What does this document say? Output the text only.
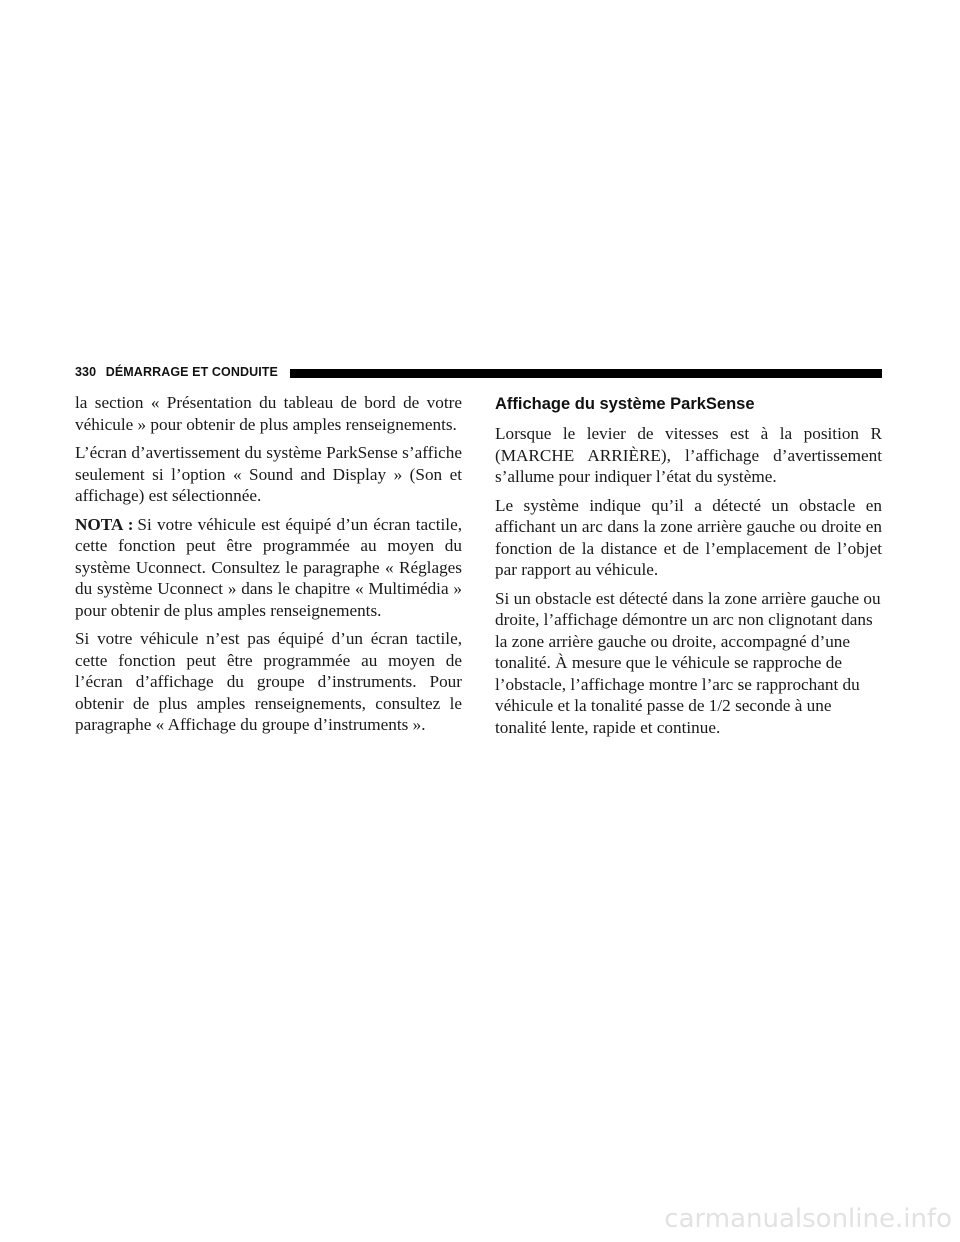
330 DÉMARRAGE ET CONDUITE

la section « Présentation du tableau de bord de votre véhicule » pour obtenir de plus amples renseignements.

L’écran d’avertissement du système ParkSense s’affiche seulement si l’option « Sound and Display » (Son et affichage) est sélectionnée.

NOTA : Si votre véhicule est équipé d’un écran tactile, cette fonction peut être programmée au moyen du système Uconnect. Consultez le paragraphe « Réglages du système Uconnect » dans le chapitre « Multimédia » pour obtenir de plus amples renseignements.

Si votre véhicule n’est pas équipé d’un écran tactile, cette fonction peut être programmée au moyen de l’écran d’affichage du groupe d’instruments. Pour obtenir de plus amples renseignements, consultez le paragraphe « Affichage du groupe d’instruments ».

Affichage du système ParkSense

Lorsque le levier de vitesses est à la position R (MARCHE ARRIÈRE), l’affichage d’avertissement s’allume pour indiquer l’état du système.

Le système indique qu’il a détecté un obstacle en affichant un arc dans la zone arrière gauche ou droite en fonction de la distance et de l’emplacement de l’objet par rapport au véhicule.

Si un obstacle est détecté dans la zone arrière gauche ou droite, l’affichage démontre un arc non clignotant dans la zone arrière gauche ou droite, accompagné d’une tonalité. À mesure que le véhicule se rapproche de l’obstacle, l’affichage montre l’arc se rapprochant du véhicule et la tonalité passe de 1/2 seconde à une tonalité lente, rapide et continue.

carmanualsonline.info
